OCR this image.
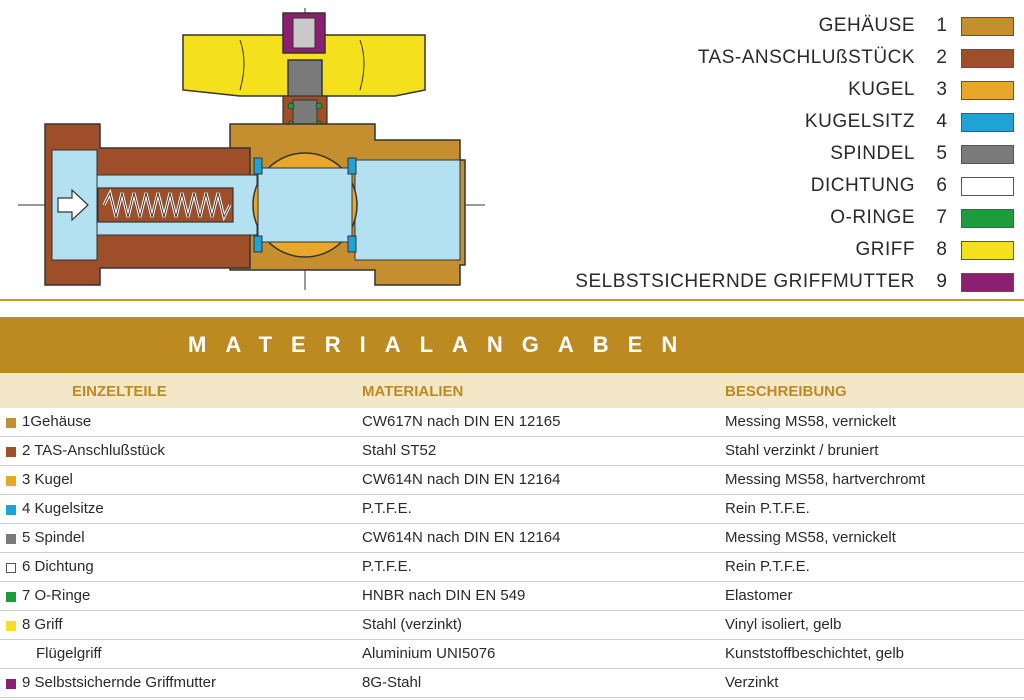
GEHÄUSE	1
TAS-ANSCHLUßSTÜCK	2
KUGEL	3
KUGELSITZ	4
SPINDEL	5
DICHTUNG	6
O-RINGE	7
GRIFF	8
SELBSTSICHERNDE GRIFFMUTTER	9
MATERIALANGABEN
EINZELTEILE	MATERIALIEN	BESCHREIBUNG
1Gehäuse	CW617N nach DIN EN 12165	Messing MS58, vernickelt
2 TAS-Anschlußstück	Stahl ST52	Stahl verzinkt / bruniert
3 Kugel	CW614N nach DIN EN 12164	Messing MS58, hartverchromt
4 Kugelsitze	P.T.F.E.	Rein P.T.F.E.
5 Spindel	CW614N nach DIN EN 12164	Messing MS58, vernickelt
6 Dichtung	P.T.F.E.	Rein P.T.F.E.
7 O-Ringe	HNBR nach DIN EN 549	Elastomer
8 Griff	Stahl (verzinkt)	Vinyl isoliert, gelb
Flügelgriff	Aluminium UNI5076	Kunststoffbeschichtet, gelb
9 Selbstsichernde Griffmutter	8G-Stahl	Verzinkt
